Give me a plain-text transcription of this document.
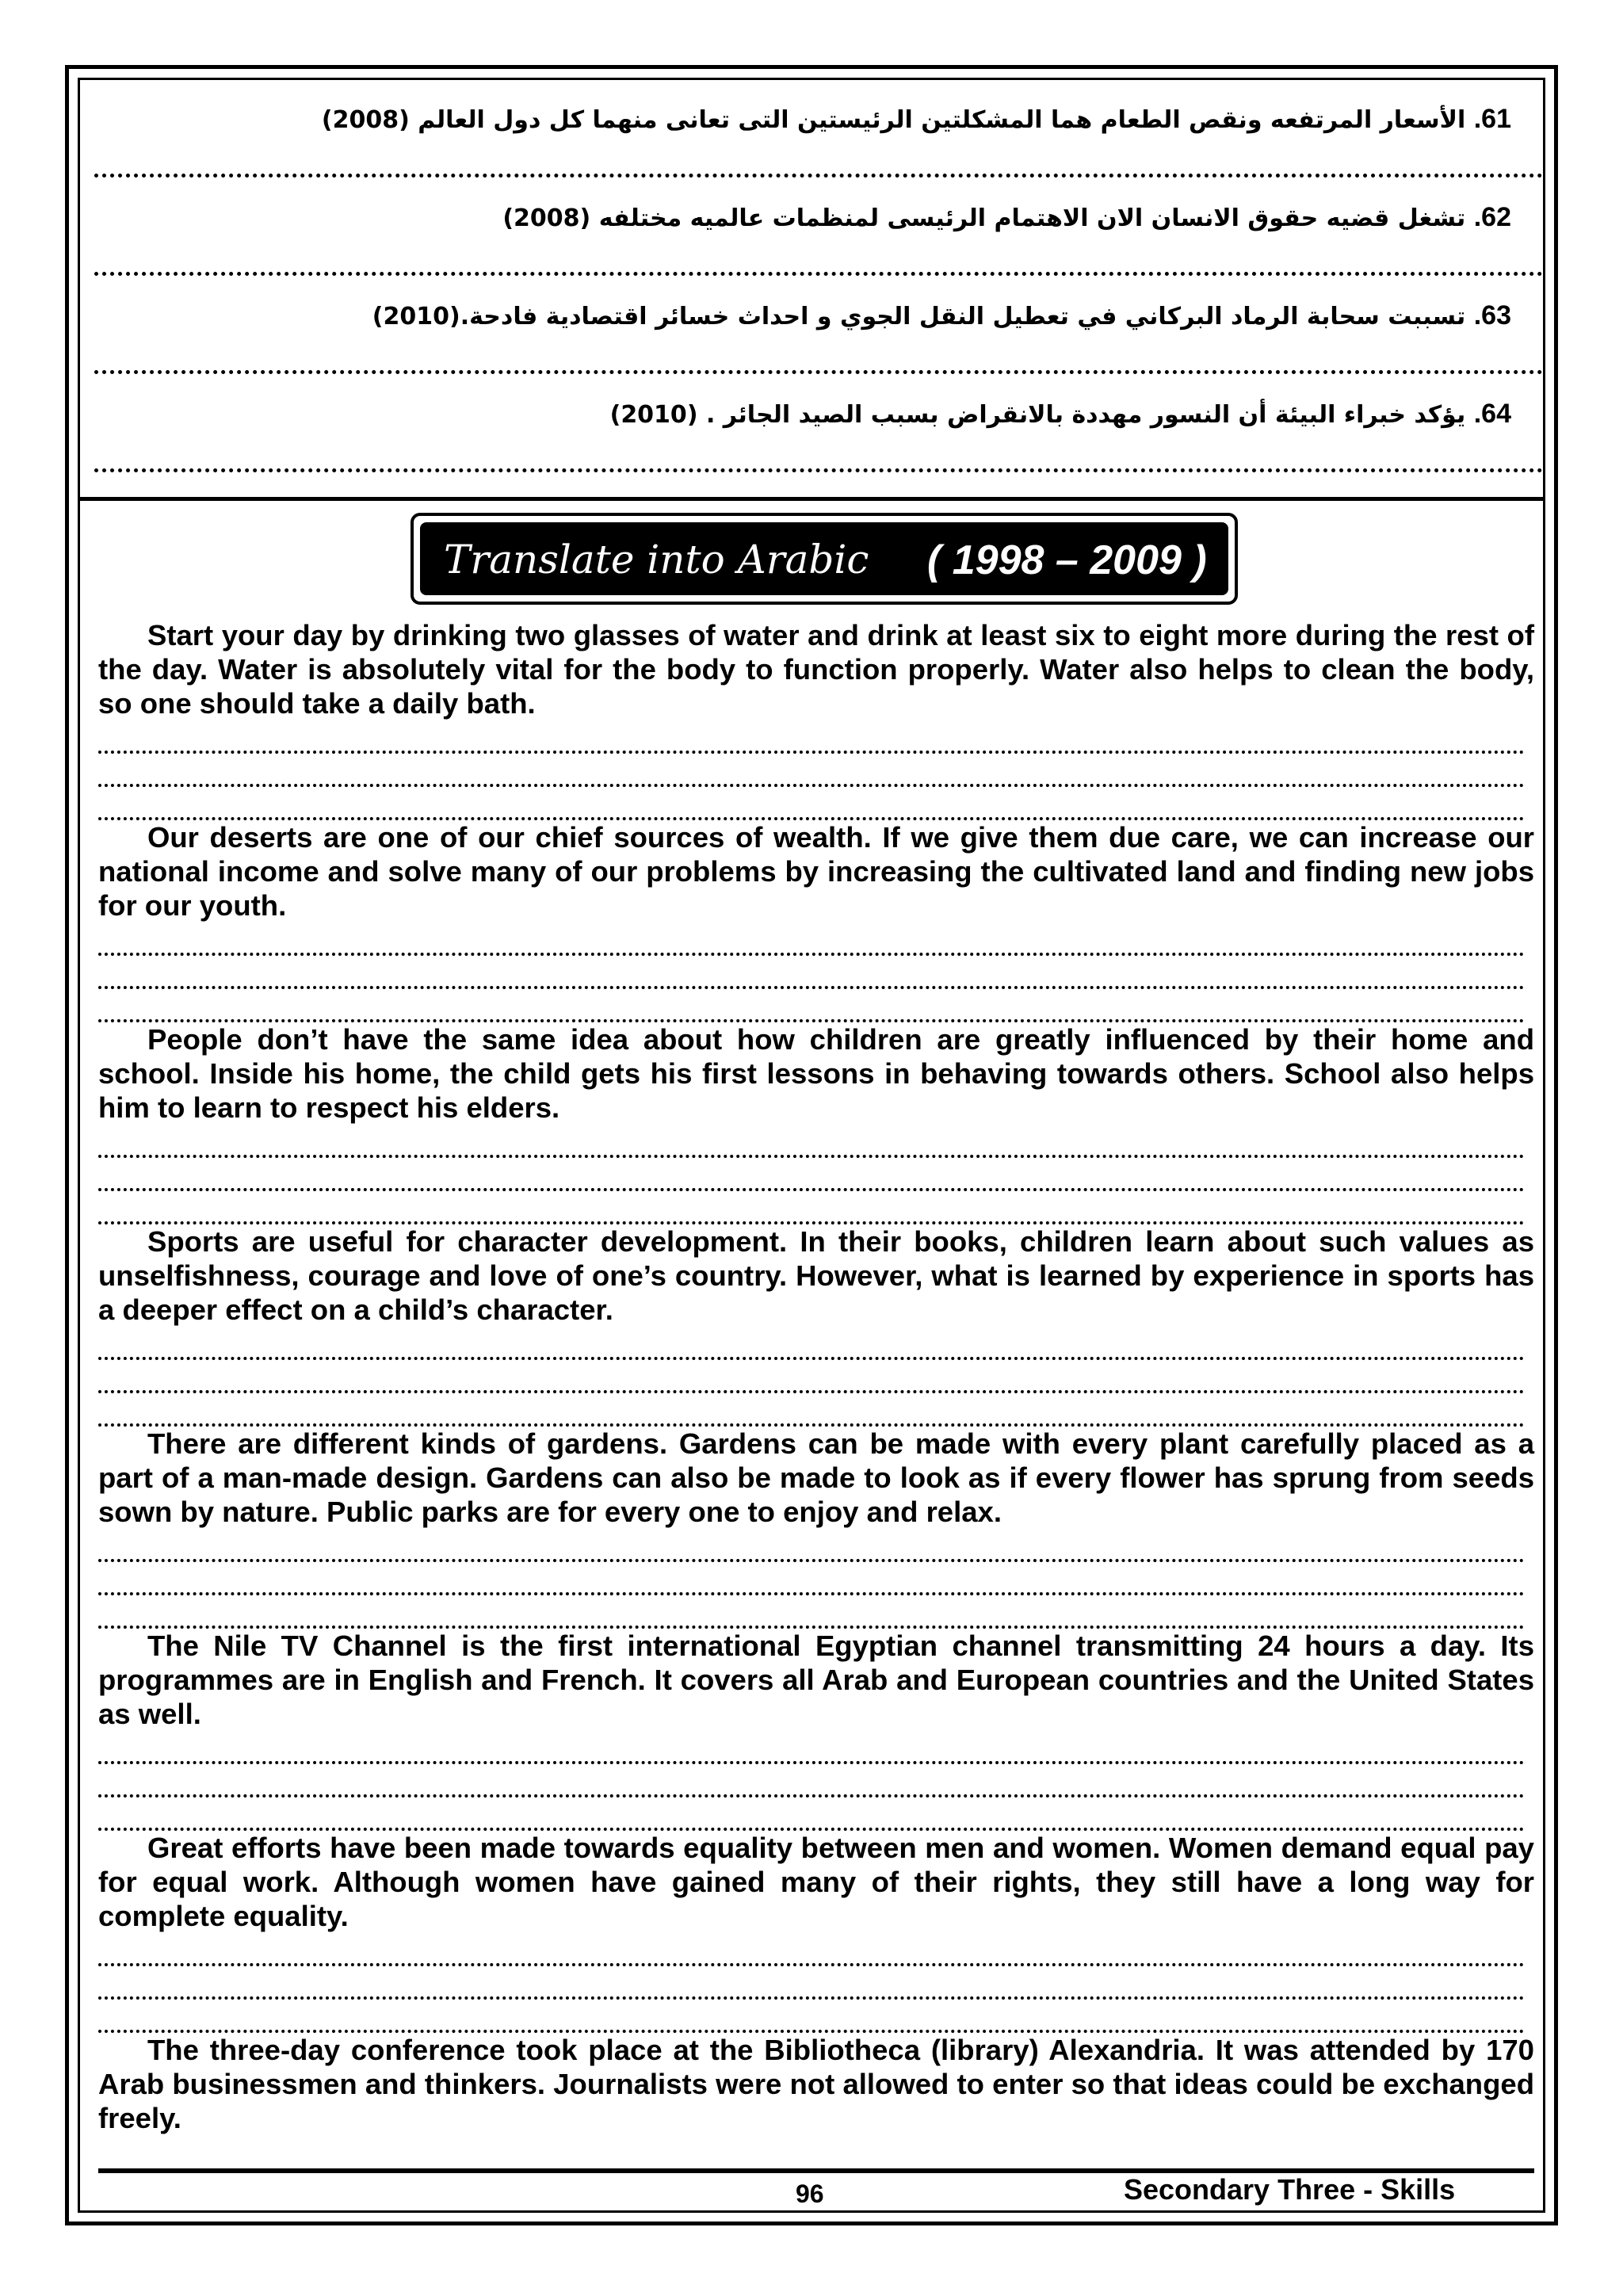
61. الأسعار المرتفعه ونقص الطعام هما المشكلتين الرئيستين التى تعانى منهما كل دول العالم (2008)
62. تشغل قضيه حقوق الانسان الان الاهتمام الرئيسى لمنظمات عالميه مختلفه (2008)
63. تسببت سحابة الرماد البركاني في تعطيل النقل الجوي و احداث خسائر اقتصادية فادحة.(2010)
64. يؤكد خبراء البيئة أن النسور مهددة بالانقراض بسبب الصيد الجائر . (2010)
Translate into Arabic ( 1998 – 2009 )

Start your day by drinking two glasses of water and drink at least six to eight more during the rest of the day. Water is absolutely vital for the body to function properly. Water also helps to clean the body, so one should take a daily bath.

Our deserts are one of our chief sources of wealth. If we give them due care, we can increase our national income and solve many of our problems by increasing the cultivated land and finding new jobs for our youth.

People don’t have the same idea about how children are greatly influenced by their home and school. Inside his home, the child gets his first lessons in behaving towards others. School also helps him to learn to respect his elders.

Sports are useful for character development. In their books, children learn about such values as unselfishness, courage and love of one’s country. However, what is learned by experience in sports has a deeper effect on a child’s character.

There are different kinds of gardens. Gardens can be made with every plant carefully placed as a part of a man-made design. Gardens can also be made to look as if every flower has sprung from seeds sown by nature. Public parks are for every one to enjoy and relax.

The Nile TV Channel is the first international Egyptian channel transmitting 24 hours a day. Its programmes are in English and French. It covers all Arab and European countries and the United States as well.

Great efforts have been made towards equality between men and women. Women demand equal pay for equal work. Although women have gained many of their rights, they still have a long way for complete equality.

The three-day conference took place at the Bibliotheca (library) Alexandria. It was attended by 170 Arab businessmen and thinkers. Journalists were not allowed to enter so that ideas could be exchanged freely.

96	Secondary Three - Skills
